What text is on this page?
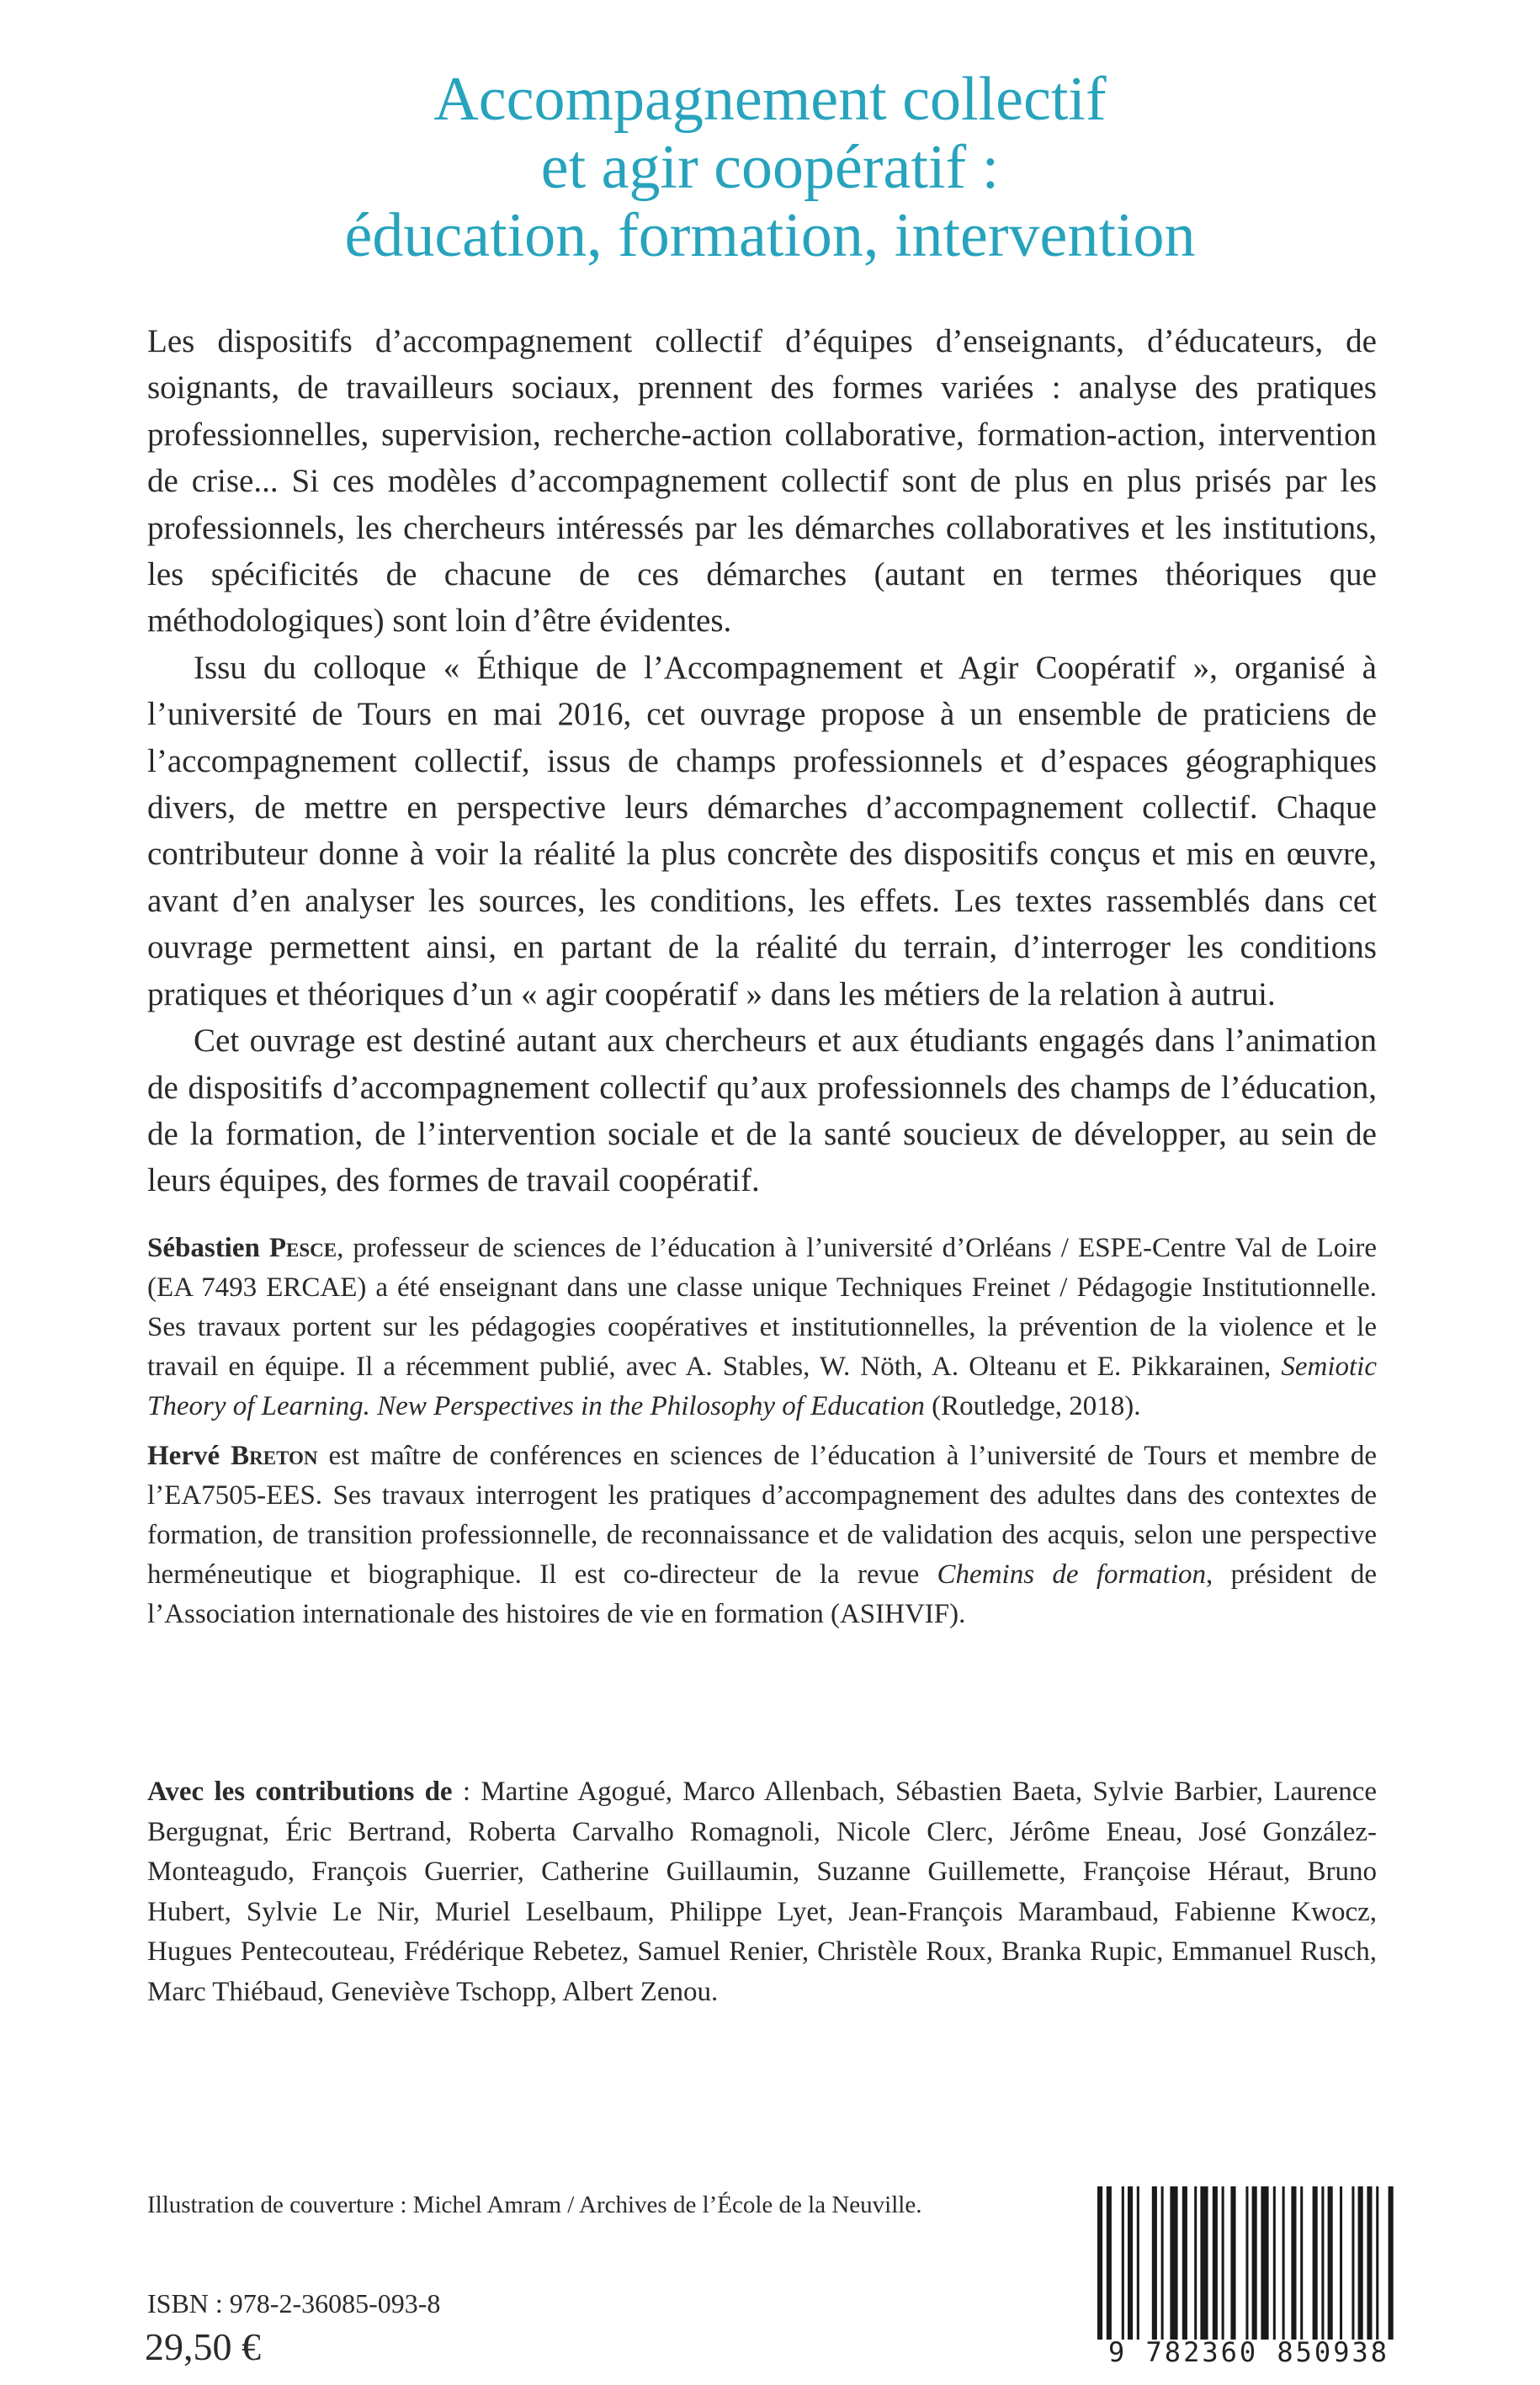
Accompagnement collectif
et agir coopératif :
éducation, formation, intervention

Les dispositifs d’accompagnement collectif d’équipes d’enseignants, d’éducateurs, de soignants, de travailleurs sociaux, prennent des formes variées : analyse des pratiques professionnelles, supervision, recherche-action collaborative, formation-action, intervention de crise... Si ces modèles d’accompagnement collectif sont de plus en plus prisés par les professionnels, les chercheurs intéressés par les démarches collaboratives et les institutions, les spécificités de chacune de ces démarches (autant en termes théoriques que méthodologiques) sont loin d’être évidentes.

Issu du colloque « Éthique de l’Accompagnement et Agir Coopératif », organisé à l’université de Tours en mai 2016, cet ouvrage propose à un ensemble de praticiens de l’accompagnement collectif, issus de champs professionnels et d’espaces géographiques divers, de mettre en perspective leurs démarches d’accompagnement collectif. Chaque contributeur donne à voir la réalité la plus concrète des dispositifs conçus et mis en œuvre, avant d’en analyser les sources, les conditions, les effets. Les textes rassemblés dans cet ouvrage permettent ainsi, en partant de la réalité du terrain, d’interroger les conditions pratiques et théoriques d’un « agir coopératif » dans les métiers de la relation à autrui.

Cet ouvrage est destiné autant aux chercheurs et aux étudiants engagés dans l’animation de dispositifs d’accompagnement collectif qu’aux professionnels des champs de l’éducation, de la formation, de l’intervention sociale et de la santé soucieux de développer, au sein de leurs équipes, des formes de travail coopératif.

Sébastien Pesce, professeur de sciences de l’éducation à l’université d’Orléans / ESPE-Centre Val de Loire (EA 7493 ERCAE) a été enseignant dans une classe unique Techniques Freinet / Pédagogie Institutionnelle. Ses travaux portent sur les pédagogies coopératives et institutionnelles, la prévention de la violence et le travail en équipe. Il a récemment publié, avec A. Stables, W. Nöth, A. Olteanu et E. Pikkarainen, Semiotic Theory of Learning. New Perspectives in the Philosophy of Education (Routledge, 2018).

Hervé Breton est maître de conférences en sciences de l’éducation à l’université de Tours et membre de l’EA7505-EES. Ses travaux interrogent les pratiques d’accompagnement des adultes dans des contextes de formation, de transition professionnelle, de reconnaissance et de validation des acquis, selon une perspective herméneutique et biographique. Il est co-directeur de la revue Chemins de formation, président de l’Association internationale des histoires de vie en formation (ASIHVIF).

Avec les contributions de : Martine Agogué, Marco Allenbach, Sébastien Baeta, Sylvie Barbier, Laurence Bergugnat, Éric Bertrand, Roberta Carvalho Romagnoli, Nicole Clerc, Jérôme Eneau, José González-Monteagudo, François Guerrier, Catherine Guillaumin, Suzanne Guillemette, Françoise Héraut, Bruno Hubert, Sylvie Le Nir, Muriel Leselbaum, Philippe Lyet, Jean-François Marambaud, Fabienne Kwocz, Hugues Pentecouteau, Frédérique Rebetez, Samuel Renier, Christèle Roux, Branka Rupic, Emmanuel Rusch, Marc Thiébaud, Geneviève Tschopp, Albert Zenou.

Illustration de couverture : Michel Amram / Archives de l’École de la Neuville.
ISBN : 978-2-36085-093-8
29,50 €	9 782360 850938
